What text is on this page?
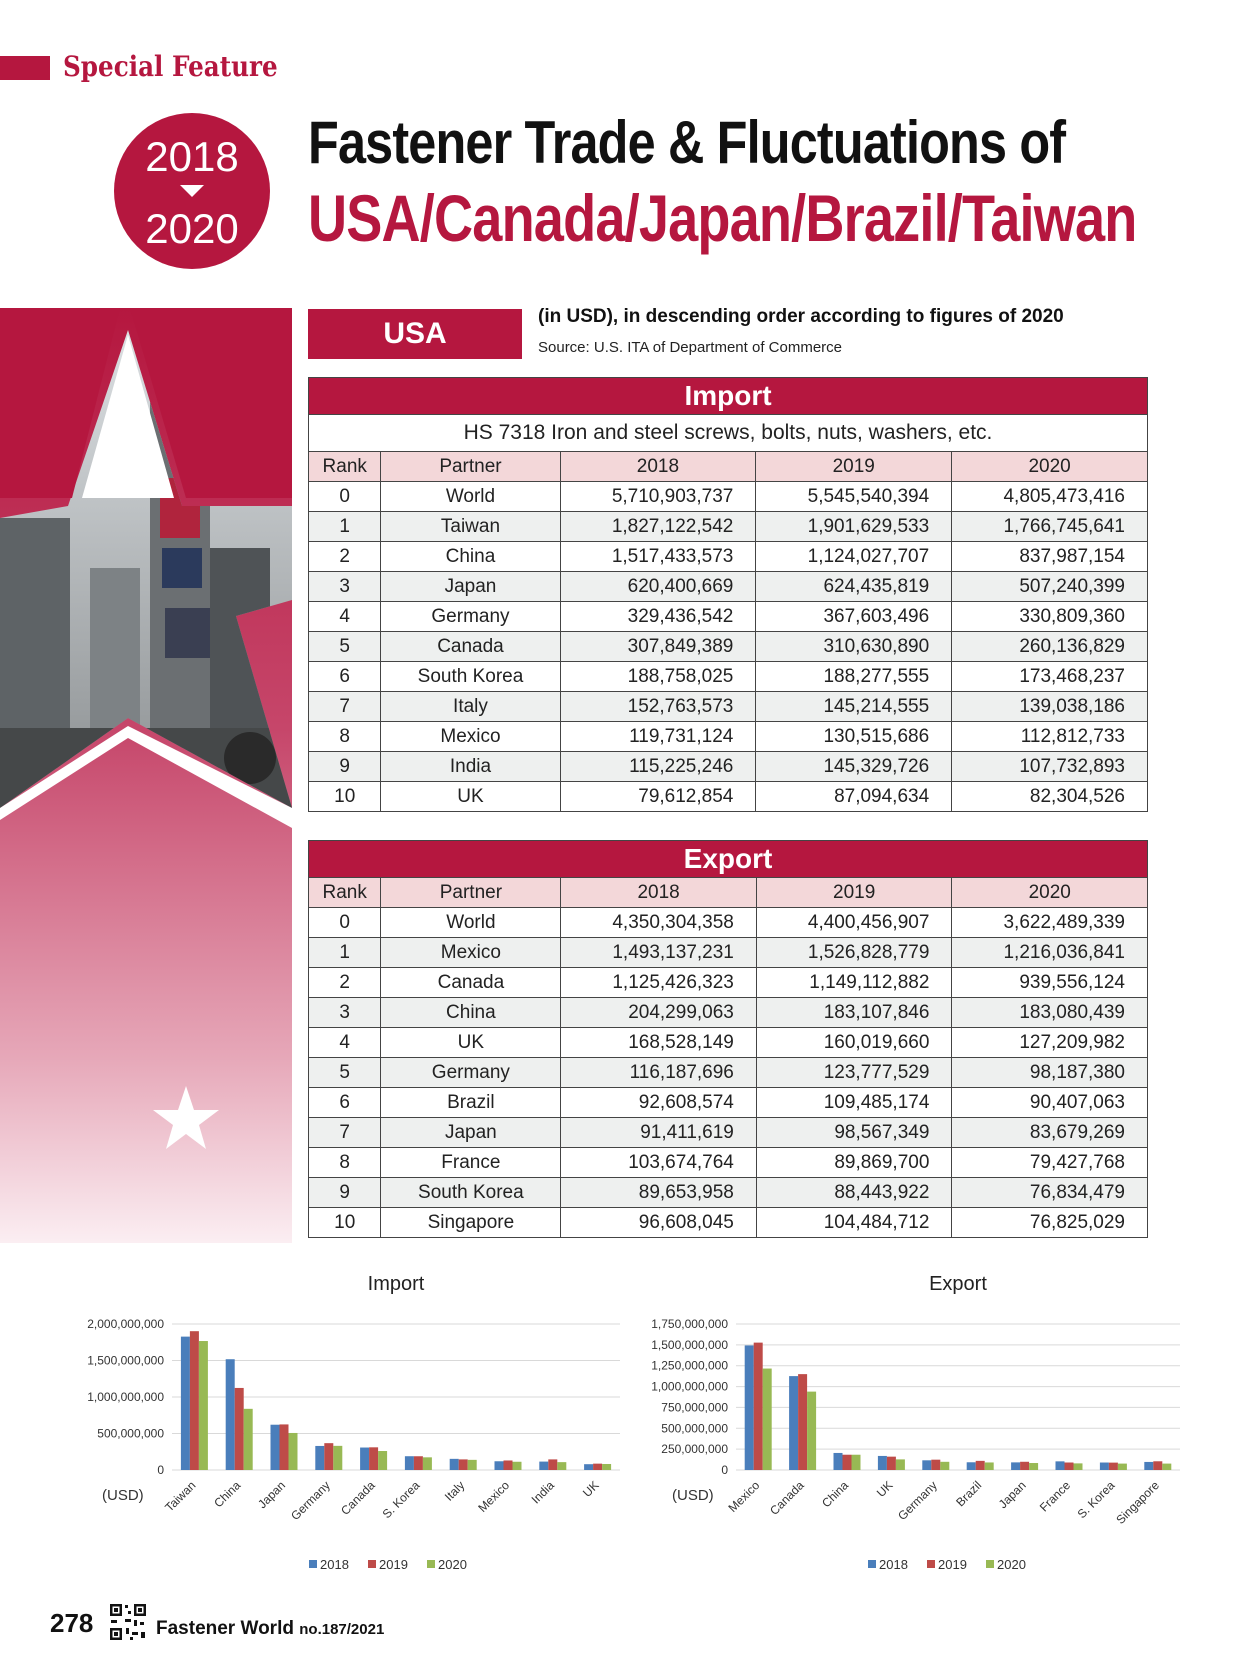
Special Feature
2018
2020
Fastener Trade & Fluctuations of
USA/Canada/Japan/Brazil/Taiwan
USA
(in USD), in descending order according to figures of 2020
Source: U.S. ITA of Department of Commerce
Import				
HS 7318 Iron and steel screws, bolts, nuts, washers, etc.				
Rank	Partner	2018	2019	2020
0	World	5,710,903,737	5,545,540,394	4,805,473,416
1	Taiwan	1,827,122,542	1,901,629,533	1,766,745,641
2	China	1,517,433,573	1,124,027,707	837,987,154
3	Japan	620,400,669	624,435,819	507,240,399
4	Germany	329,436,542	367,603,496	330,809,360
5	Canada	307,849,389	310,630,890	260,136,829
6	South Korea	188,758,025	188,277,555	173,468,237
7	Italy	152,763,573	145,214,555	139,038,186
8	Mexico	119,731,124	130,515,686	112,812,733
9	India	115,225,246	145,329,726	107,732,893
10	UK	79,612,854	87,094,634	82,304,526
Export				
Rank	Partner	2018	2019	2020
0	World	4,350,304,358	4,400,456,907	3,622,489,339
1	Mexico	1,493,137,231	1,526,828,779	1,216,036,841
2	Canada	1,125,426,323	1,149,112,882	939,556,124
3	China	204,299,063	183,107,846	183,080,439
4	UK	168,528,149	160,019,660	127,209,982
5	Germany	116,187,696	123,777,529	98,187,380
6	Brazil	92,608,574	109,485,174	90,407,063
7	Japan	91,411,619	98,567,349	83,679,269
8	France	103,674,764	89,869,700	79,427,768
9	South Korea	89,653,958	88,443,922	76,834,479
10	Singapore	96,608,045	104,484,712	76,825,029
Import
0
500,000,000
1,000,000,000
1,500,000,000
2,000,000,000
Taiwan China Japan Germany Canada S. Korea Italy Mexico India UK
(USD)
2018 2019 2020
Export
0
250,000,000
500,000,000
750,000,000
1,000,000,000
1,250,000,000
1,500,000,000
1,750,000,000
Mexico Canada China UK Germany Brazil Japan France S. Korea
Singapore
(USD)
2018 2019 2020
278	Fastener World no.187/2021
